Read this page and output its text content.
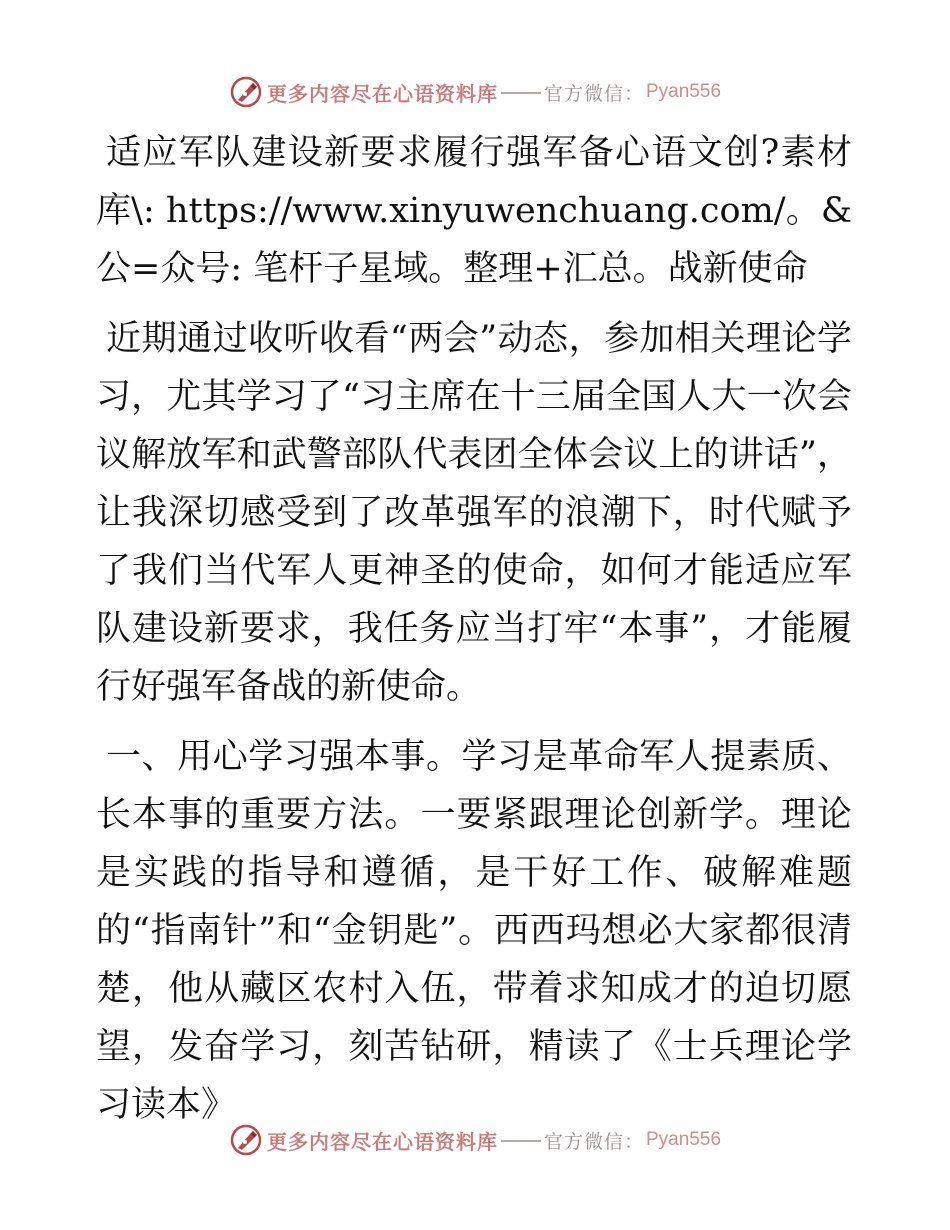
更多内容尽在心语资料库 官方微信： Pyan556

适应军队建设新要求履行强军备心语文创?素材库\: https://www.xinyuwenchuang.com/。&公=众号: 笔杆子星域。整理+汇总。战新使命

近期通过收听收看“两会”动态，参加相关理论学习，尤其学习了“习主席在十三届全国人大一次会议解放军和武警部队代表团全体会议上的讲话”，让我深切感受到了改革强军的浪潮下，时代赋予了我们当代军人更神圣的使命，如何才能适应军队建设新要求，我任务应当打牢“本事”，才能履行好强军备战的新使命。

一、用心学习强本事。学习是革命军人提素质、长本事的重要方法。一要紧跟理论创新学。理论是实践的指导和遵循，是干好工作、破解难题的“指南针”和“金钥匙”。西西玛想必大家都很清楚，他从藏区农村入伍，带着求知成才的迫切愿望，发奋学习，刻苦钻研，精读了《士兵理论学习读本》

更多内容尽在心语资料库 官方微信： Pyan556
